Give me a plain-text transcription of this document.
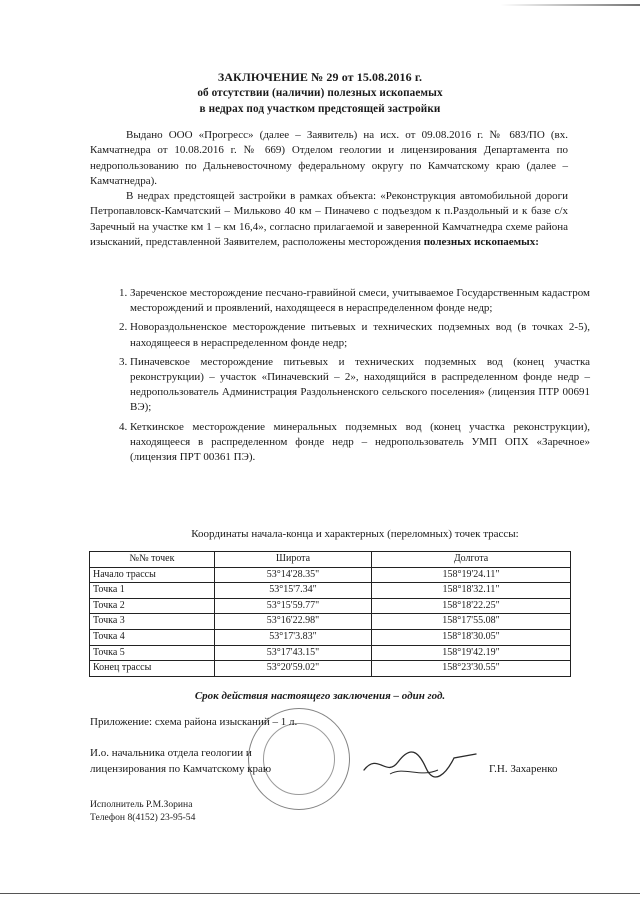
ЗАКЛЮЧЕНИЕ № 29 от 15.08.2016 г.
об отсутствии (наличии) полезных ископаемых
в недрах под участком предстоящей застройки

Выдано ООО «Прогресс» (далее – Заявитель) на исх. от 09.08.2016 г. № 683/ПО (вх. Камчатнедра от 10.08.2016 г. № 669) Отделом геологии и лицензирования Департамента по недропользованию по Дальневосточному федеральному округу по Камчатскому краю (далее – Камчатнедра).

В недрах предстоящей застройки в рамках объекта: «Реконструкция автомобильной дороги Петропавловск-Камчатский – Мильково 40 км – Пиначево с подъездом к п.Раздольный и к базе с/х Заречный на участке км 1 – км 16,4», согласно прилагаемой и заверенной Камчатнедра схеме района изысканий, представленной Заявителем, расположены месторождения полезных ископаемых:

1. Зареченское месторождение песчано-гравийной смеси, учитываемое Государственным кадастром месторождений и проявлений, находящееся в нераспределенном фонде недр;
2. Новораздольненское месторождение питьевых и технических подземных вод (в точках 2-5), находящееся в нераспределенном фонде недр;
3. Пиначевское месторождение питьевых и технических подземных вод (конец участка реконструкции) – участок «Пиначевский – 2», находящийся в распределенном фонде недр – недропользователь Администрация Раздольненского сельского поселения» (лицензия ПТР 00691 ВЭ);
4. Кеткинское месторождение минеральных подземных вод (конец участка реконструкции), находящееся в распределенном фонде недр – недропользователь УМП ОПХ «Заречное» (лицензия ПРТ 00361 ПЭ).
Координаты начала-конца и характерных (переломных) точек трассы:
№№ точек	Широта	Долгота
Начало трассы	53°14'28.35"	158°19'24.11"
Точка 1	53°15'7.34"	158°18'32.11"
Точка 2	53°15'59.77"	158°18'22.25"
Точка 3	53°16'22.98"	158°17'55.08"
Точка 4	53°17'3.83"	158°18'30.05"
Точка 5	53°17'43.15"	158°19'42.19"
Конец трассы	53°20'59.02"	158°23'30.55"
Срок действия настоящего заключения – один год.
Приложение: схема района изысканий – 1 л.
И.о. начальника отдела геологии и
лицензирования по Камчатскому краю	Г.Н. Захаренко
Исполнитель Р.М.Зорина
Телефон 8(4152) 23-95-54
